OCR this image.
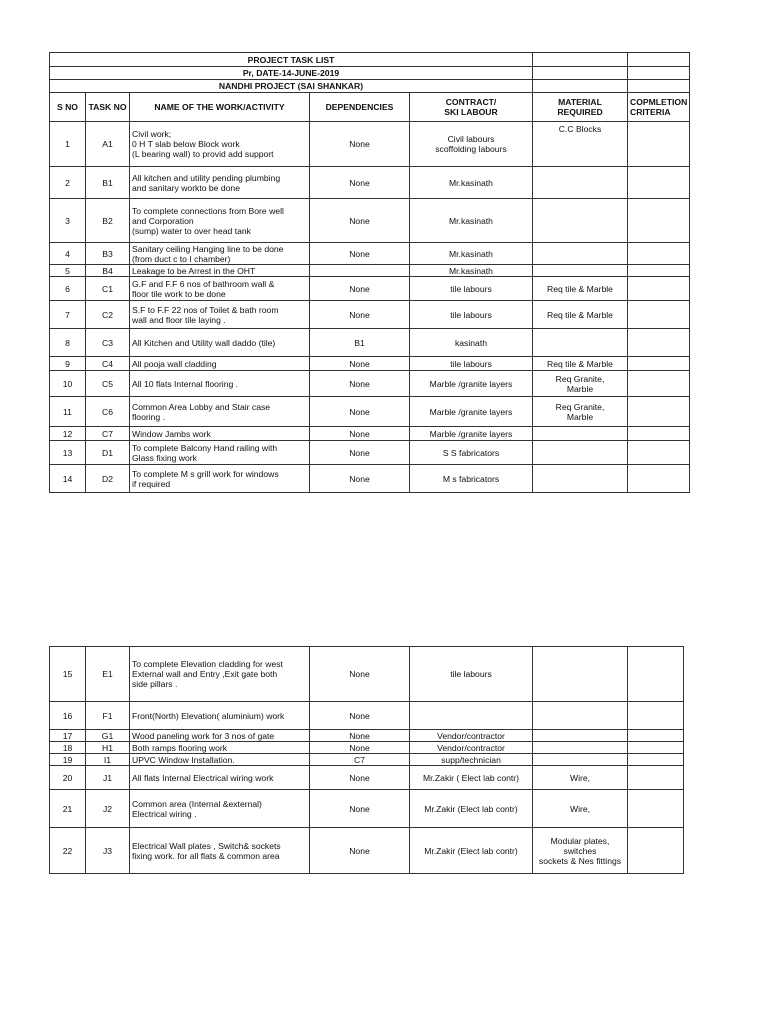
PROJECT TASK LIST						
Pr, DATE-14-JUNE-2019						
NANDHI PROJECT (SAI SHANKAR)						
S NO	TASK NO	NAME OF THE WORK/ACTIVITY	DEPENDENCIES	CONTRACT/
SKI LABOUR	MATERIAL
REQUIRED	COPMLETION
CRITERIA
1	A1	Civil work;
0 H T slab below Block work
(L bearing wall) to provid add support	None	Civil labours
scoffolding labours	C.C Blocks	
2	B1	All kitchen and utility pending plumbing
and sanitary workto be done	None	Mr.kasinath		
3	B2	To complete connections from Bore well
and Corporation
(sump) water to over head tank	None	Mr.kasinath		
4	B3	Sanitary ceiling Hanging line to be done
(from duct c to I chamber)	None	Mr.kasinath		
5	B4	Leakage to be Arrest in the OHT		Mr.kasinath		
6	C1	G.F and F.F 6 nos of bathroom wall &
floor tile work to be done	None	tile labours	Req tile & Marble	
7	C2	S.F to F.F 22 nos of Toilet & bath room
wall and floor tile laying .	None	tile labours	Req tile & Marble	
8	C3	All Kitchen and Utility wall daddo (tile)	B1	kasinath		
9	C4	All pooja wall cladding	None	tile labours	Req tile & Marble	
10	C5	All 10 flats Internal flooring .	None	Marble /granite layers	Req Granite,
Marble	
11	C6	Common Area Lobby and Stair case
flooring .	None	Marble /granite layers	Req Granite,
Marble	
12	C7	Window Jambs work	None	Marble /granite layers		
13	D1	To complete Balcony Hand railing with
Glass fixing work	None	S S fabricators		
14	D2	To complete M s grill work for windows
if required	None	M s fabricators		
15	E1	To complete Elevation cladding for west
External wall and Entry ,Exit gate both
side pillars .	None	tile labours		
16	F1	Front(North) Elevation( aluminium) work	None			
17	G1	Wood paneling work for 3 nos of gate	None	Vendor/contractor		
18	H1	Both ramps flooring work	None	Vendor/contractor		
19	I1	UPVC Window Installation.	C7	supp/technician		
20	J1	All flats Internal Electrical wiring work	None	Mr.Zakir ( Elect lab contr)	Wire,	
21	J2	Common area (Internal &external)
Electrical wiring .	None	Mr.Zakir (Elect lab contr)	Wire,	
22	J3	Electrical Wall plates , Switch& sockets
fixing work. for all flats & common area	None	Mr.Zakir (Elect lab contr)	Modular plates,
switches
sockets & Nes fittings	
